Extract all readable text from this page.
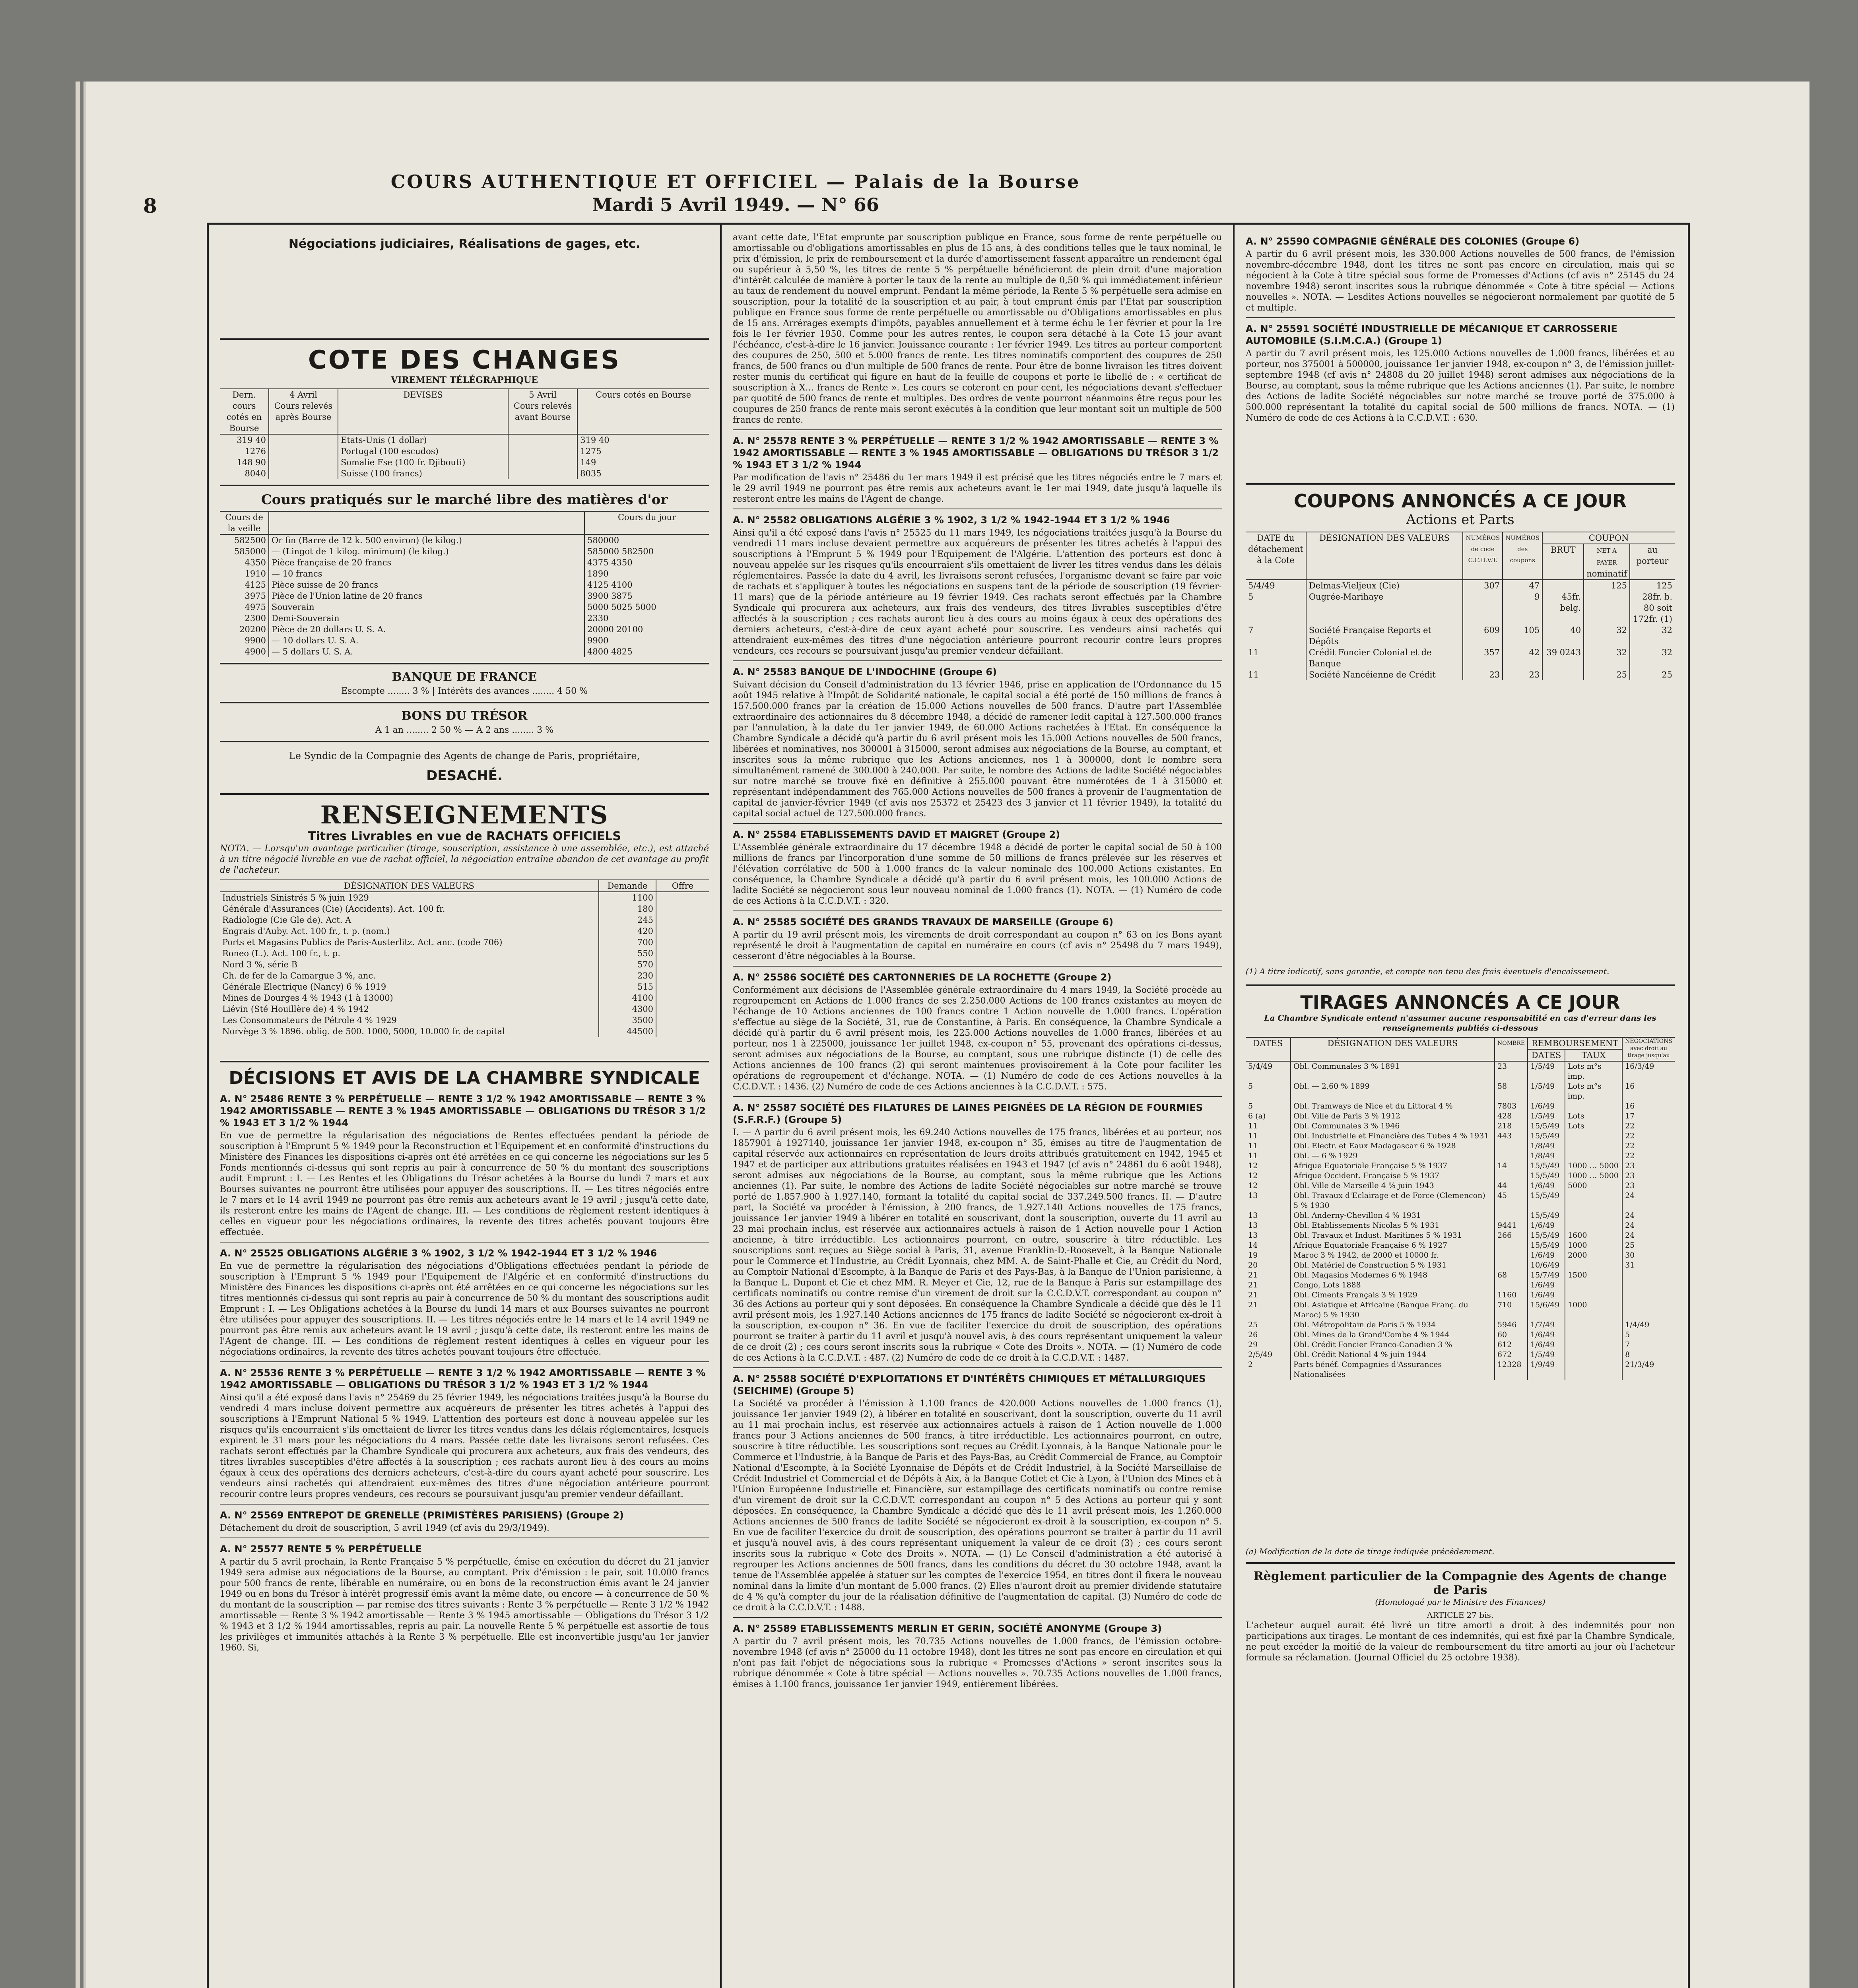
8
COURS AUTHENTIQUE ET OFFICIEL — Palais de la Bourse
Mardi 5 Avril 1949. — N° 66
Négociations judiciaires, Réalisations de gages, etc.
COTE DES CHANGES
VIREMENT TÉLÉGRAPHIQUE
Dern. cours cotés en Bourse	4 Avril
Cours relevés après Bourse	DEVISES	5 Avril
Cours relevés avant Bourse	Cours cotés en Bourse
319 40		Etats-Unis (1 dollar)		319 40
1276		Portugal (100 escudos)		1275
148 90		Somalie Fse (100 fr. Djibouti)		149
8040		Suisse (100 francs)		8035
Cours pratiqués sur le marché libre des matières d'or
Cours de la veille		Cours du jour
582500	Or fin (Barre de 12 k. 500 environ) (le kilog.)	580000
585000	— (Lingot de 1 kilog. minimum) (le kilog.)	585000 582500
4350	Pièce française de 20 francs	4375 4350
1910	— 10 francs	1890
4125	Pièce suisse de 20 francs	4125 4100
3975	Pièce de l'Union latine de 20 francs	3900 3875
4975	Souverain	5000 5025 5000
2300	Demi-Souverain	2330
20200	Pièce de 20 dollars U. S. A.	20000 20100
9900	— 10 dollars U. S. A.	9900
4900	— 5 dollars U. S. A.	4800 4825
BANQUE DE FRANCE
Escompte ........ 3 % | Intérêts des avances ........ 4 50 %
BONS DU TRÉSOR
A 1 an ........ 2 50 % — A 2 ans ........ 3 %
Le Syndic de la Compagnie des Agents de change de Paris, propriétaire,
DESACHÉ.
RENSEIGNEMENTS
Titres Livrables en vue de RACHATS OFFICIELS
NOTA. — Lorsqu'un avantage particulier (tirage, souscription, assistance à une assemblée, etc.), est attaché à un titre négocié livrable en vue de rachat officiel, la négociation entraîne abandon de cet avantage au profit de l'acheteur.
DÉSIGNATION DES VALEURS	Demande	Offre
Industriels Sinistrés 5 % juin 1929	1100	
Générale d'Assurances (Cie) (Accidents). Act. 100 fr.	180	
Radiologie (Cie Gle de). Act. A	245	
Engrais d'Auby. Act. 100 fr., t. p. (nom.)	420	
Ports et Magasins Publics de Paris-Austerlitz. Act. anc. (code 706)	700	
Roneo (L.). Act. 100 fr., t. p.	550	
Nord 3 %, série B	570	
Ch. de fer de la Camargue 3 %, anc.	230	
Générale Electrique (Nancy) 6 % 1919	515	
Mines de Dourges 4 % 1943 (1 à 13000)	4100	
Liévin (Sté Houillère de) 4 % 1942	4300	
Les Consommateurs de Pétrole 4 % 1929	3500	
Norvège 3 % 1896. oblig. de 500. 1000, 5000, 10.000 fr. de capital	44500	
DÉCISIONS ET AVIS DE LA CHAMBRE SYNDICALE
A. N° 25486 RENTE 3 % PERPÉTUELLE — RENTE 3 1/2 % 1942 AMORTISSABLE — RENTE 3 % 1942 AMORTISSABLE — RENTE 3 % 1945 AMORTISSABLE — OBLIGATIONS DU TRÉSOR 3 1/2 % 1943 ET 3 1/2 % 1944
En vue de permettre la régularisation des négociations de Rentes effectuées pendant la période de souscription à l'Emprunt 5 % 1949 pour la Reconstruction et l'Equipement et en conformité d'instructions du Ministère des Finances les dispositions ci-après ont été arrêtées en ce qui concerne les négociations sur les 5 Fonds mentionnés ci-dessus qui sont repris au pair à concurrence de 50 % du montant des souscriptions audit Emprunt : I. — Les Rentes et les Obligations du Trésor achetées à la Bourse du lundi 7 mars et aux Bourses suivantes ne pourront être utilisées pour appuyer des souscriptions. II. — Les titres négociés entre le 7 mars et le 14 avril 1949 ne pourront pas être remis aux acheteurs avant le 19 avril ; jusqu'à cette date, ils resteront entre les mains de l'Agent de change. III. — Les conditions de règlement restent identiques à celles en vigueur pour les négociations ordinaires, la revente des titres achetés pouvant toujours être effectuée.
A. N° 25525 OBLIGATIONS ALGÉRIE 3 % 1902, 3 1/2 % 1942-1944 ET 3 1/2 % 1946
En vue de permettre la régularisation des négociations d'Obligations effectuées pendant la période de souscription à l'Emprunt 5 % 1949 pour l'Equipement de l'Algérie et en conformité d'instructions du Ministère des Finances les dispositions ci-après ont été arrêtées en ce qui concerne les négociations sur les titres mentionnés ci-dessus qui sont repris au pair à concurrence de 50 % du montant des souscriptions audit Emprunt : I. — Les Obligations achetées à la Bourse du lundi 14 mars et aux Bourses suivantes ne pourront être utilisées pour appuyer des souscriptions. II. — Les titres négociés entre le 14 mars et le 14 avril 1949 ne pourront pas être remis aux acheteurs avant le 19 avril ; jusqu'à cette date, ils resteront entre les mains de l'Agent de change. III. — Les conditions de règlement restent identiques à celles en vigueur pour les négociations ordinaires, la revente des titres achetés pouvant toujours être effectuée.
A. N° 25536 RENTE 3 % PERPÉTUELLE — RENTE 3 1/2 % 1942 AMORTISSABLE — RENTE 3 % 1942 AMORTISSABLE — OBLIGATIONS DU TRÉSOR 3 1/2 % 1943 ET 3 1/2 % 1944
Ainsi qu'il a été exposé dans l'avis n° 25469 du 25 février 1949, les négociations traitées jusqu'à la Bourse du vendredi 4 mars incluse doivent permettre aux acquéreurs de présenter les titres achetés à l'appui des souscriptions à l'Emprunt National 5 % 1949. L'attention des porteurs est donc à nouveau appelée sur les risques qu'ils encourraient s'ils omettaient de livrer les titres vendus dans les délais réglementaires, lesquels expirent le 31 mars pour les négociations du 4 mars. Passée cette date les livraisons seront refusées. Ces rachats seront effectués par la Chambre Syndicale qui procurera aux acheteurs, aux frais des vendeurs, des titres livrables susceptibles d'être affectés à la souscription ; ces rachats auront lieu à des cours au moins égaux à ceux des opérations des derniers acheteurs, c'est-à-dire du cours ayant acheté pour souscrire. Les vendeurs ainsi rachetés qui attendraient eux-mêmes des titres d'une négociation antérieure pourront recourir contre leurs propres vendeurs, ces recours se poursuivant jusqu'au premier vendeur défaillant.
A. N° 25569 ENTREPOT DE GRENELLE (PRIMISTÈRES PARISIENS) (Groupe 2)
Détachement du droit de souscription, 5 avril 1949 (cf avis du 29/3/1949).
A. N° 25577 RENTE 5 % PERPÉTUELLE
A partir du 5 avril prochain, la Rente Française 5 % perpétuelle, émise en exécution du décret du 21 janvier 1949 sera admise aux négociations de la Bourse, au comptant. Prix d'émission : le pair, soit 10.000 francs pour 500 francs de rente, libérable en numéraire, ou en bons de la reconstruction émis avant le 24 janvier 1949 ou en bons du Trésor à intérêt progressif émis avant la même date, ou encore — à concurrence de 50 % du montant de la souscription — par remise des titres suivants : Rente 3 % perpétuelle — Rente 3 1/2 % 1942 amortissable — Rente 3 % 1942 amortissable — Rente 3 % 1945 amortissable — Obligations du Trésor 3 1/2 % 1943 et 3 1/2 % 1944 amortissables, repris au pair. La nouvelle Rente 5 % perpétuelle est assortie de tous les privilèges et immunités attachés à la Rente 3 % perpétuelle. Elle est inconvertible jusqu'au 1er janvier 1960. Si,
avant cette date, l'Etat emprunte par souscription publique en France, sous forme de rente perpétuelle ou amortissable ou d'obligations amortissables en plus de 15 ans, à des conditions telles que le taux nominal, le prix d'émission, le prix de remboursement et la durée d'amortissement fassent apparaître un rendement égal ou supérieur à 5,50 %, les titres de rente 5 % perpétuelle bénéficieront de plein droit d'une majoration d'intérêt calculée de manière à porter le taux de la rente au multiple de 0,50 % qui immédiatement inférieur au taux de rendement du nouvel emprunt. Pendant la même période, la Rente 5 % perpétuelle sera admise en souscription, pour la totalité de la souscription et au pair, à tout emprunt émis par l'Etat par souscription publique en France sous forme de rente perpétuelle ou amortissable ou d'Obligations amortissables en plus de 15 ans. Arrérages exempts d'impôts, payables annuellement et à terme échu le 1er février et pour la 1re fois le 1er février 1950. Comme pour les autres rentes, le coupon sera détaché à la Cote 15 jour avant l'échéance, c'est-à-dire le 16 janvier. Jouissance courante : 1er février 1949. Les titres au porteur comportent des coupures de 250, 500 et 5.000 francs de rente. Les titres nominatifs comportent des coupures de 250 francs, de 500 francs ou d'un multiple de 500 francs de rente. Pour être de bonne livraison les titres doivent rester munis du certificat qui figure en haut de la feuille de coupons et porte le libellé de : « certificat de souscription à X... francs de Rente ». Les cours se coteront en pour cent, les négociations devant s'effectuer par quotité de 500 francs de rente et multiples. Des ordres de vente pourront néanmoins être reçus pour les coupures de 250 francs de rente mais seront exécutés à la condition que leur montant soit un multiple de 500 francs de rente.
A. N° 25578 RENTE 3 % PERPÉTUELLE — RENTE 3 1/2 % 1942 AMORTISSABLE — RENTE 3 % 1942 AMORTISSABLE — RENTE 3 % 1945 AMORTISSABLE — OBLIGATIONS DU TRÉSOR 3 1/2 % 1943 ET 3 1/2 % 1944
Par modification de l'avis n° 25486 du 1er mars 1949 il est précisé que les titres négociés entre le 7 mars et le 29 avril 1949 ne pourront pas être remis aux acheteurs avant le 1er mai 1949, date jusqu'à laquelle ils resteront entre les mains de l'Agent de change.
A. N° 25582 OBLIGATIONS ALGÉRIE 3 % 1902, 3 1/2 % 1942-1944 ET 3 1/2 % 1946
Ainsi qu'il a été exposé dans l'avis n° 25525 du 11 mars 1949, les négociations traitées jusqu'à la Bourse du vendredi 11 mars incluse devaient permettre aux acquéreurs de présenter les titres achetés à l'appui des souscriptions à l'Emprunt 5 % 1949 pour l'Equipement de l'Algérie. L'attention des porteurs est donc à nouveau appelée sur les risques qu'ils encourraient s'ils omettaient de livrer les titres vendus dans les délais réglementaires. Passée la date du 4 avril, les livraisons seront refusées, l'organisme devant se faire par voie de rachats et s'appliquer à toutes les négociations en suspens tant de la période de souscription (19 février-11 mars) que de la période antérieure au 19 février 1949. Ces rachats seront effectués par la Chambre Syndicale qui procurera aux acheteurs, aux frais des vendeurs, des titres livrables susceptibles d'être affectés à la souscription ; ces rachats auront lieu à des cours au moins égaux à ceux des opérations des derniers acheteurs, c'est-à-dire de ceux ayant acheté pour souscrire. Les vendeurs ainsi rachetés qui attendraient eux-mêmes des titres d'une négociation antérieure pourront recourir contre leurs propres vendeurs, ces recours se poursuivant jusqu'au premier vendeur défaillant.
A. N° 25583 BANQUE DE L'INDOCHINE (Groupe 6)
Suivant décision du Conseil d'administration du 13 février 1946, prise en application de l'Ordonnance du 15 août 1945 relative à l'Impôt de Solidarité nationale, le capital social a été porté de 150 millions de francs à 157.500.000 francs par la création de 15.000 Actions nouvelles de 500 francs. D'autre part l'Assemblée extraordinaire des actionnaires du 8 décembre 1948, a décidé de ramener ledit capital à 127.500.000 francs par l'annulation, à la date du 1er janvier 1949, de 60.000 Actions rachetées à l'Etat. En conséquence la Chambre Syndicale a décidé qu'à partir du 6 avril présent mois les 15.000 Actions nouvelles de 500 francs, libérées et nominatives, nos 300001 à 315000, seront admises aux négociations de la Bourse, au comptant, et inscrites sous la même rubrique que les Actions anciennes, nos 1 à 300000, dont le nombre sera simultanément ramené de 300.000 à 240.000. Par suite, le nombre des Actions de ladite Société négociables sur notre marché se trouve fixé en définitive à 255.000 pouvant être numérotées de 1 à 315000 et représentant indépendamment des 765.000 Actions nouvelles de 500 francs à provenir de l'augmentation de capital de janvier-février 1949 (cf avis nos 25372 et 25423 des 3 janvier et 11 février 1949), la totalité du capital social actuel de 127.500.000 francs.
A. N° 25584 ETABLISSEMENTS DAVID ET MAIGRET (Groupe 2)
L'Assemblée générale extraordinaire du 17 décembre 1948 a décidé de porter le capital social de 50 à 100 millions de francs par l'incorporation d'une somme de 50 millions de francs prélevée sur les réserves et l'élévation corrélative de 500 à 1.000 francs de la valeur nominale des 100.000 Actions existantes. En conséquence, la Chambre Syndicale a décidé qu'à partir du 6 avril présent mois, les 100.000 Actions de ladite Société se négocieront sous leur nouveau nominal de 1.000 francs (1). NOTA. — (1) Numéro de code de ces Actions à la C.C.D.V.T. : 320.
A. N° 25585 SOCIÉTÉ DES GRANDS TRAVAUX DE MARSEILLE (Groupe 6)
A partir du 19 avril présent mois, les virements de droit correspondant au coupon n° 63 on les Bons ayant représenté le droit à l'augmentation de capital en numéraire en cours (cf avis n° 25498 du 7 mars 1949), cesseront d'être négociables à la Bourse.
A. N° 25586 SOCIÉTÉ DES CARTONNERIES DE LA ROCHETTE (Groupe 2)
Conformément aux décisions de l'Assemblée générale extraordinaire du 4 mars 1949, la Société procède au regroupement en Actions de 1.000 francs de ses 2.250.000 Actions de 100 francs existantes au moyen de l'échange de 10 Actions anciennes de 100 francs contre 1 Action nouvelle de 1.000 francs. L'opération s'effectue au siège de la Société, 31, rue de Constantine, à Paris. En conséquence, la Chambre Syndicale a décidé qu'à partir du 6 avril présent mois, les 225.000 Actions nouvelles de 1.000 francs, libérées et au porteur, nos 1 à 225000, jouissance 1er juillet 1948, ex-coupon n° 55, provenant des opérations ci-dessus, seront admises aux négociations de la Bourse, au comptant, sous une rubrique distincte (1) de celle des Actions anciennes de 100 francs (2) qui seront maintenues provisoirement à la Cote pour faciliter les opérations de regroupement et d'échange. NOTA. — (1) Numéro de code de ces Actions nouvelles à la C.C.D.V.T. : 1436. (2) Numéro de code de ces Actions anciennes à la C.C.D.V.T. : 575.
A. N° 25587 SOCIÉTÉ DES FILATURES DE LAINES PEIGNÉES DE LA RÉGION DE FOURMIES (S.F.R.F.) (Groupe 5)
I. — A partir du 6 avril présent mois, les 69.240 Actions nouvelles de 175 francs, libérées et au porteur, nos 1857901 à 1927140, jouissance 1er janvier 1948, ex-coupon n° 35, émises au titre de l'augmentation de capital réservée aux actionnaires en représentation de leurs droits attribués gratuitement en 1942, 1945 et 1947 et de participer aux attributions gratuites réalisées en 1943 et 1947 (cf avis n° 24861 du 6 août 1948), seront admises aux négociations de la Bourse, au comptant, sous la même rubrique que les Actions anciennes (1). Par suite, le nombre des Actions de ladite Société négociables sur notre marché se trouve porté de 1.857.900 à 1.927.140, formant la totalité du capital social de 337.249.500 francs. II. — D'autre part, la Société va procéder à l'émission, à 200 francs, de 1.927.140 Actions nouvelles de 175 francs, jouissance 1er janvier 1949 à libérer en totalité en souscrivant, dont la souscription, ouverte du 11 avril au 23 mai prochain inclus, est réservée aux actionnaires actuels à raison de 1 Action nouvelle pour 1 Action ancienne, à titre irréductible. Les actionnaires pourront, en outre, souscrire à titre réductible. Les souscriptions sont reçues au Siège social à Paris, 31, avenue Franklin-D.-Roosevelt, à la Banque Nationale pour le Commerce et l'Industrie, au Crédit Lyonnais, chez MM. A. de Saint-Phalle et Cie, au Crédit du Nord, au Comptoir National d'Escompte, à la Banque de Paris et des Pays-Bas, à la Banque de l'Union parisienne, à la Banque L. Dupont et Cie et chez MM. R. Meyer et Cie, 12, rue de la Banque à Paris sur estampillage des certificats nominatifs ou contre remise d'un virement de droit sur la C.C.D.V.T. correspondant au coupon n° 36 des Actions au porteur qui y sont déposées. En conséquence la Chambre Syndicale a décidé que dès le 11 avril présent mois, les 1.927.140 Actions anciennes de 175 francs de ladite Société se négocieront ex-droit à la souscription, ex-coupon n° 36. En vue de faciliter l'exercice du droit de souscription, des opérations pourront se traiter à partir du 11 avril et jusqu'à nouvel avis, à des cours représentant uniquement la valeur de ce droit (2) ; ces cours seront inscrits sous la rubrique « Cote des Droits ». NOTA. — (1) Numéro de code de ces Actions à la C.C.D.V.T. : 487. (2) Numéro de code de ce droit à la C.C.D.V.T. : 1487.
A. N° 25588 SOCIÉTÉ D'EXPLOITATIONS ET D'INTÉRÊTS CHIMIQUES ET MÉTALLURGIQUES (SEICHIME) (Groupe 5)
La Société va procéder à l'émission à 1.100 francs de 420.000 Actions nouvelles de 1.000 francs (1), jouissance 1er janvier 1949 (2), à libérer en totalité en souscrivant, dont la souscription, ouverte du 11 avril au 11 mai prochain inclus, est réservée aux actionnaires actuels à raison de 1 Action nouvelle de 1.000 francs pour 3 Actions anciennes de 500 francs, à titre irréductible. Les actionnaires pourront, en outre, souscrire à titre réductible. Les souscriptions sont reçues au Crédit Lyonnais, à la Banque Nationale pour le Commerce et l'Industrie, à la Banque de Paris et des Pays-Bas, au Crédit Commercial de France, au Comptoir National d'Escompte, à la Société Lyonnaise de Dépôts et de Crédit Industriel, à la Société Marseillaise de Crédit Industriel et Commercial et de Dépôts à Aix, à la Banque Cotlet et Cie à Lyon, à l'Union des Mines et à l'Union Européenne Industrielle et Financière, sur estampillage des certificats nominatifs ou contre remise d'un virement de droit sur la C.C.D.V.T. correspondant au coupon n° 5 des Actions au porteur qui y sont déposées. En conséquence, la Chambre Syndicale a décidé que dès le 11 avril présent mois, les 1.260.000 Actions anciennes de 500 francs de ladite Société se négocieront ex-droit à la souscription, ex-coupon n° 5. En vue de faciliter l'exercice du droit de souscription, des opérations pourront se traiter à partir du 11 avril et jusqu'à nouvel avis, à des cours représentant uniquement la valeur de ce droit (3) ; ces cours seront inscrits sous la rubrique « Cote des Droits ». NOTA. — (1) Le Conseil d'administration a été autorisé à regrouper les Actions anciennes de 500 francs, dans les conditions du décret du 30 octobre 1948, avant la tenue de l'Assemblée appelée à statuer sur les comptes de l'exercice 1954, en titres dont il fixera le nouveau nominal dans la limite d'un montant de 5.000 francs. (2) Elles n'auront droit au premier dividende statutaire de 4 % qu'à compter du jour de la réalisation définitive de l'augmentation de capital. (3) Numéro de code de ce droit à la C.C.D.V.T. : 1488.
A. N° 25589 ETABLISSEMENTS MERLIN ET GERIN, SOCIÉTÉ ANONYME (Groupe 3)
A partir du 7 avril présent mois, les 70.735 Actions nouvelles de 1.000 francs, de l'émission octobre-novembre 1948 (cf avis n° 25000 du 11 octobre 1948), dont les titres ne sont pas encore en circulation et qui n'ont pas fait l'objet de négociations sous la rubrique « Promesses d'Actions » seront inscrites sous la rubrique dénommée « Cote à titre spécial — Actions nouvelles ». 70.735 Actions nouvelles de 1.000 francs, émises à 1.100 francs, jouissance 1er janvier 1949, entièrement libérées.
A. N° 25590 COMPAGNIE GÉNÉRALE DES COLONIES (Groupe 6)
A partir du 6 avril présent mois, les 330.000 Actions nouvelles de 500 francs, de l'émission novembre-décembre 1948, dont les titres ne sont pas encore en circulation, mais qui se négocient à la Cote à titre spécial sous forme de Promesses d'Actions (cf avis n° 25145 du 24 novembre 1948) seront inscrites sous la rubrique dénommée « Cote à titre spécial — Actions nouvelles ». NOTA. — Lesdites Actions nouvelles se négocieront normalement par quotité de 5 et multiple.
A. N° 25591 SOCIÉTÉ INDUSTRIELLE DE MÉCANIQUE ET CARROSSERIE AUTOMOBILE (S.I.M.C.A.) (Groupe 1)
A partir du 7 avril présent mois, les 125.000 Actions nouvelles de 1.000 francs, libérées et au porteur, nos 375001 à 500000, jouissance 1er janvier 1948, ex-coupon n° 3, de l'émission juillet-septembre 1948 (cf avis n° 24808 du 20 juillet 1948) seront admises aux négociations de la Bourse, au comptant, sous la même rubrique que les Actions anciennes (1). Par suite, le nombre des Actions de ladite Société négociables sur notre marché se trouve porté de 375.000 à 500.000 représentant la totalité du capital social de 500 millions de francs. NOTA. — (1) Numéro de code de ces Actions à la C.C.D.V.T. : 630.
COUPONS ANNONCÉS A CE JOUR
Actions et Parts
DATE du détachement à la Cote	DÉSIGNATION DES VALEURS	NUMÉROS de code C.C.D.V.T.	NUMÉROS des coupons	COUPON		
				BRUT	NET A PAYER
nominatif	au porteur
5/4/49	Delmas-Vieljeux (Cie)	307	47		125	125
5	Ougrée-Marihaye		9	45fr. belg.		28fr. b. 80 soit 172fr. (1)
7	Société Française Reports et Dépôts	609	105	40	32	32
11	Crédit Foncier Colonial et de Banque	357	42	39 0243	32	32
11	Société Nancéienne de Crédit	23	23		25	25
(1) A titre indicatif, sans garantie, et compte non tenu des frais éventuels d'encaissement.
TIRAGES ANNONCÉS A CE JOUR
La Chambre Syndicale entend n'assumer aucune responsabilité en cas d'erreur dans les renseignements publiés ci-dessous
DATES	DÉSIGNATION DES VALEURS	NOMBRE	REMBOURSEMENT		NÉGOCIATIONS avec droit au tirage jusqu'au
			DATES	TAUX	
5/4/49	Obl. Communales 3 % 1891	23	1/5/49	Lots m°s imp.	16/3/49
5	Obl. — 2,60 % 1899	58	1/5/49	Lots m°s imp.	16
5	Obl. Tramways de Nice et du Littoral 4 %	7803	1/6/49		16
6 (a)	Obl. Ville de Paris 3 % 1912	428	1/5/49	Lots	17
11	Obl. Communales 3 % 1946	218	15/5/49	Lots	22
11	Obl. Industrielle et Financière des Tubes 4 % 1931	443	15/5/49		22
11	Obl. Electr. et Eaux Madagascar 6 % 1928		1/8/49		22
11	Obl. — 6 % 1929		1/8/49		22
12	Afrique Equatoriale Française 5 % 1937	14	15/5/49	1000 … 5000	23
12	Afrique Occident. Française 5 % 1937		15/5/49	1000 … 5000	23
12	Obl. Ville de Marseille 4 % juin 1943	44	1/6/49	5000	23
13	Obl. Travaux d'Eclairage et de Force (Clemencon) 5 % 1930	45	15/5/49		24
13	Obl. Anderny-Chevillon 4 % 1931		15/5/49		24
13	Obl. Etablissements Nicolas 5 % 1931	9441	1/6/49		24
13	Obl. Travaux et Indust. Maritimes 5 % 1931	266	15/5/49	1600	24
14	Afrique Equatoriale Française 6 % 1927		15/5/49	1000	25
19	Maroc 3 % 1942, de 2000 et 10000 fr.		1/6/49	2000	30
20	Obl. Matériel de Construction 5 % 1931		10/6/49		31
21	Obl. Magasins Modernes 6 % 1948	68	15/7/49	1500	
21	Congo, Lots 1888		1/6/49		
21	Obl. Ciments Français 3 % 1929	1160	1/6/49		
21	Obl. Asiatique et Africaine (Banque Franç. du Maroc) 5 % 1930	710	15/6/49	1000	
25	Obl. Métropolitain de Paris 5 % 1934	5946	1/7/49		1/4/49
26	Obl. Mines de la Grand'Combe 4 % 1944	60	1/6/49		5
29	Obl. Crédit Foncier Franco-Canadien 3 %	612	1/6/49		7
2/5/49	Obl. Crédit National 4 % juin 1944	672	1/5/49		8
2	Parts bénéf. Compagnies d'Assurances Nationalisées	12328	1/9/49		21/3/49
(a) Modification de la date de tirage indiquée précédemment.
Règlement particulier de la Compagnie des Agents de change de Paris
(Homologué par le Ministre des Finances)
ARTICLE 27 bis.
L'acheteur auquel aurait été livré un titre amorti a droit à des indemnités pour non participations aux tirages. Le montant de ces indemnités, qui est fixé par la Chambre Syndicale, ne peut excéder la moitié de la valeur de remboursement du titre amorti au jour où l'acheteur formule sa réclamation. (Journal Officiel du 25 octobre 1938).
